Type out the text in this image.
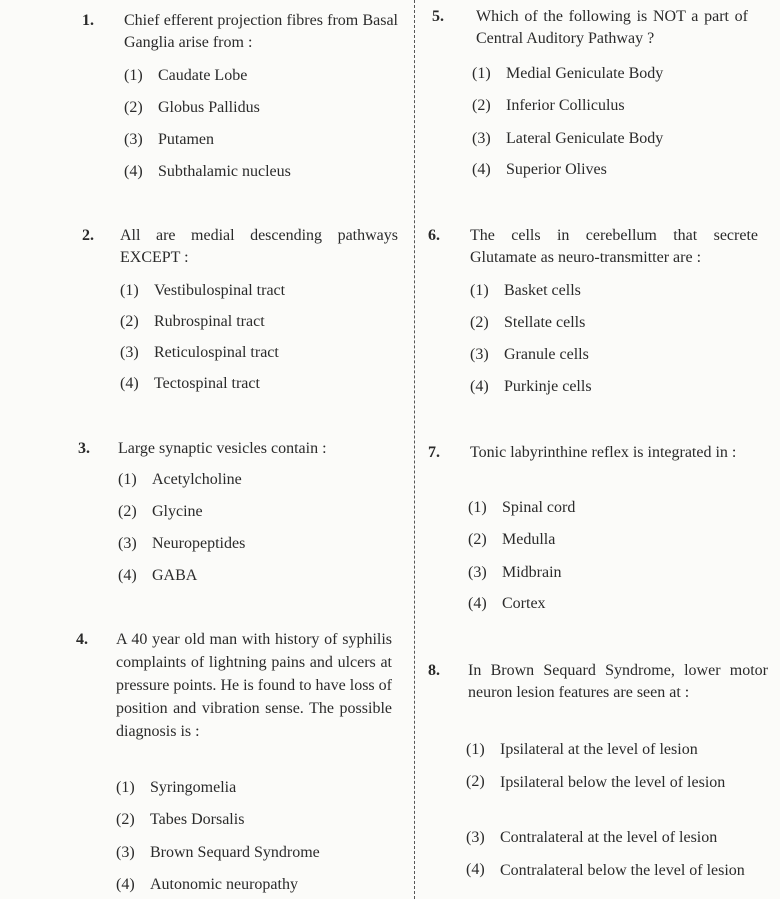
1. Chief efferent projection fibres from Basal Ganglia arise from :
(1) Caudate Lobe
(2) Globus Pallidus
(3) Putamen
(4) Subthalamic nucleus
2. All are medial descending pathways EXCEPT :
(1) Vestibulospinal tract
(2) Rubrospinal tract
(3) Reticulospinal tract
(4) Tectospinal tract
3. Large synaptic vesicles contain :
(1) Acetylcholine
(2) Glycine
(3) Neuropeptides
(4) GABA
4. A 40 year old man with history of syphilis complaints of lightning pains and ulcers at pressure points. He is found to have loss of position and vibration sense. The possible diagnosis is :
(1) Syringomelia
(2) Tabes Dorsalis
(3) Brown Sequard Syndrome
(4) Autonomic neuropathy
5. Which of the following is NOT a part of Central Auditory Pathway ?
(1) Medial Geniculate Body
(2) Inferior Colliculus
(3) Lateral Geniculate Body
(4) Superior Olives
6. The cells in cerebellum that secrete Glutamate as neuro-transmitter are :
(1) Basket cells
(2) Stellate cells
(3) Granule cells
(4) Purkinje cells
7. Tonic labyrinthine reflex is integrated in :
(1) Spinal cord
(2) Medulla
(3) Midbrain
(4) Cortex
8. In Brown Sequard Syndrome, lower motor neuron lesion features are seen at :
(1) Ipsilateral at the level of lesion
(2) Ipsilateral below the level of lesion
(3) Contralateral at the level of lesion
(4) Contralateral below the level of lesion
